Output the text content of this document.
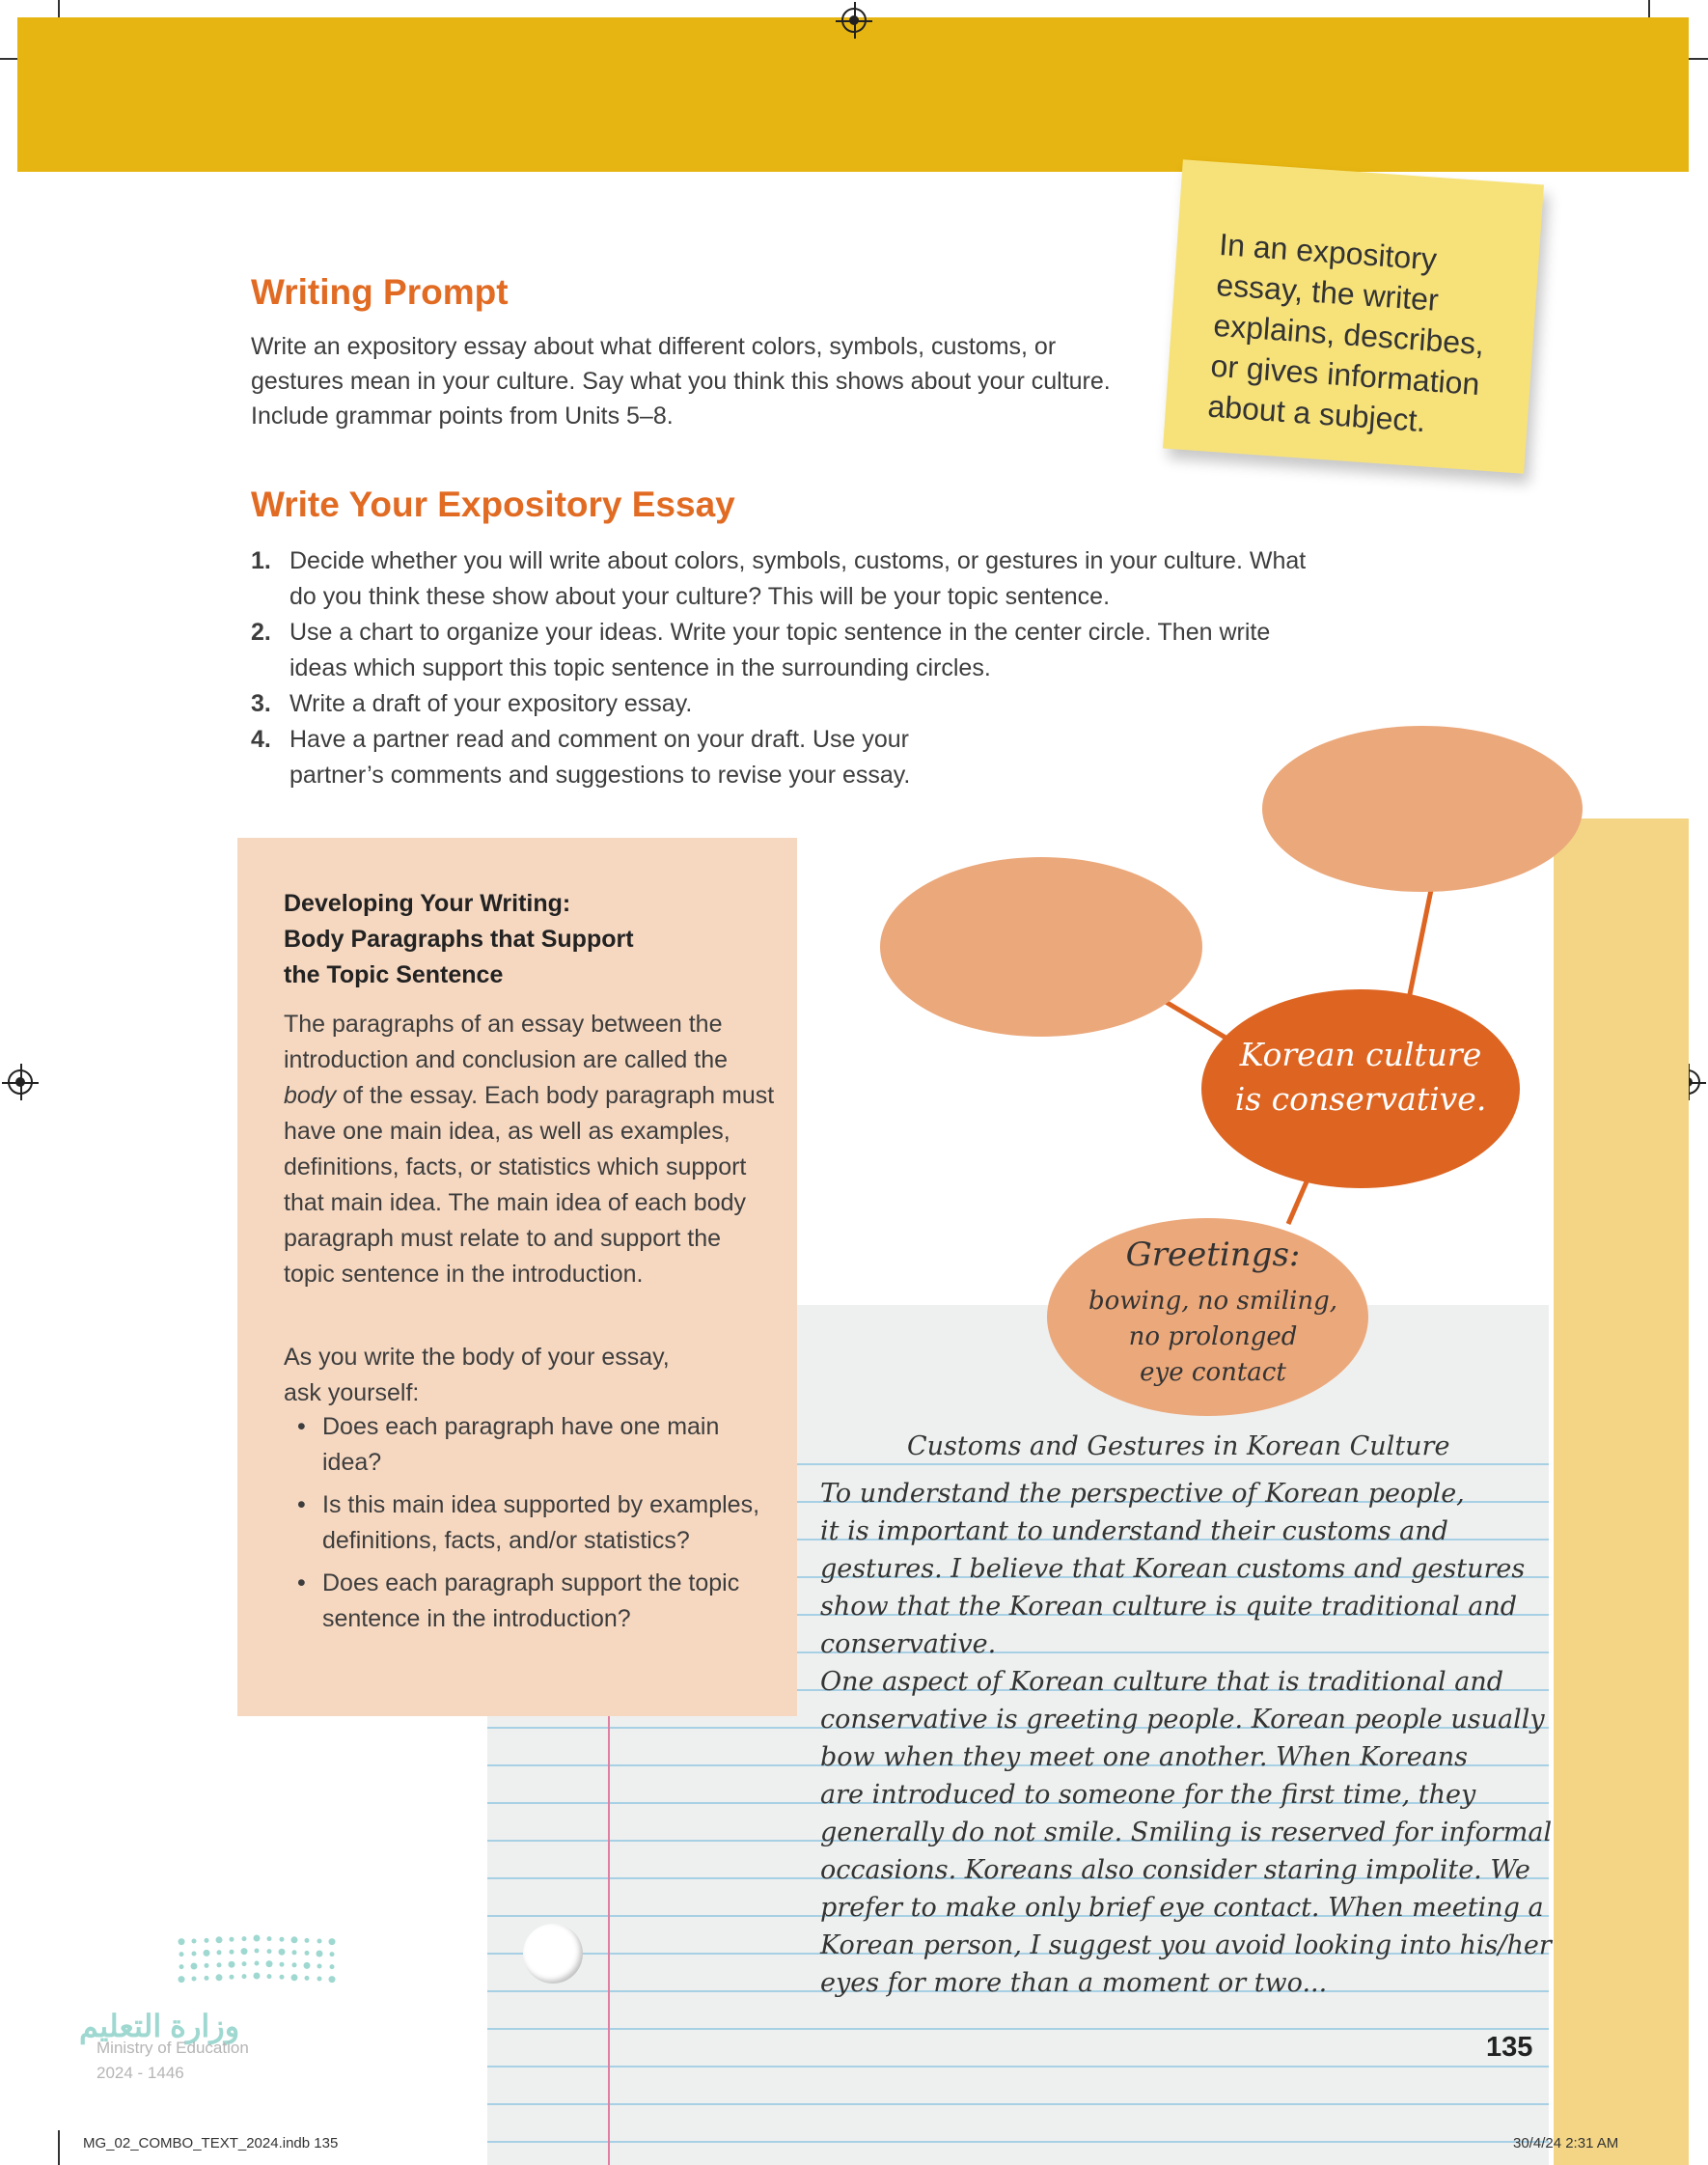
In an expository
essay, the writer
explains, describes,
or gives information
about a subject.
Writing Prompt
Write an expository essay about what different colors, symbols, customs, or gestures mean in your culture. Say what you think this shows about your culture. Include grammar points from Units 5–8.
Write Your Expository Essay
1. Decide whether you will write about colors, symbols, customs, or gestures in your culture. What do you think these show about your culture? This will be your topic sentence.
2. Use a chart to organize your ideas. Write your topic sentence in the center circle. Then write ideas which support this topic sentence in the surrounding circles.
3. Write a draft of your expository essay.
4. Have a partner read and comment on your draft. Use your partner’s comments and suggestions to revise your essay.
Developing Your Writing:
Body Paragraphs that Support
the Topic Sentence
The paragraphs of an essay between the introduction and conclusion are called the body of the essay. Each body paragraph must have one main idea, as well as examples, definitions, facts, or statistics which support that main idea. The main idea of each body paragraph must relate to and support the topic sentence in the introduction.
As you write the body of your essay,
ask yourself:
• Does each paragraph have one main idea?
• Is this main idea supported by examples, definitions, facts, and/or statistics?
• Does each paragraph support the topic sentence in the introduction?
Korean culture
is conservative.
Greetings:
bowing, no smiling,
no prolonged
eye contact
Customs and Gestures in Korean Culture
To understand the perspective of Korean people,
it is important to understand their customs and
gestures. I believe that Korean customs and gestures
show that the Korean culture is quite traditional and
conservative.
One aspect of Korean culture that is traditional and
conservative is greeting people. Korean people usually
bow when they meet one another. When Koreans
are introduced to someone for the first time, they
generally do not smile. Smiling is reserved for informal
occasions. Koreans also consider staring impolite. We
prefer to make only brief eye contact. When meeting a
Korean person, I suggest you avoid looking into his/her
eyes for more than a moment or two...
135
وزارة التعليم
Ministry of Education
2024 - 1446
MG_02_COMBO_TEXT_2024.indb 135	30/4/24 2:31 AM
